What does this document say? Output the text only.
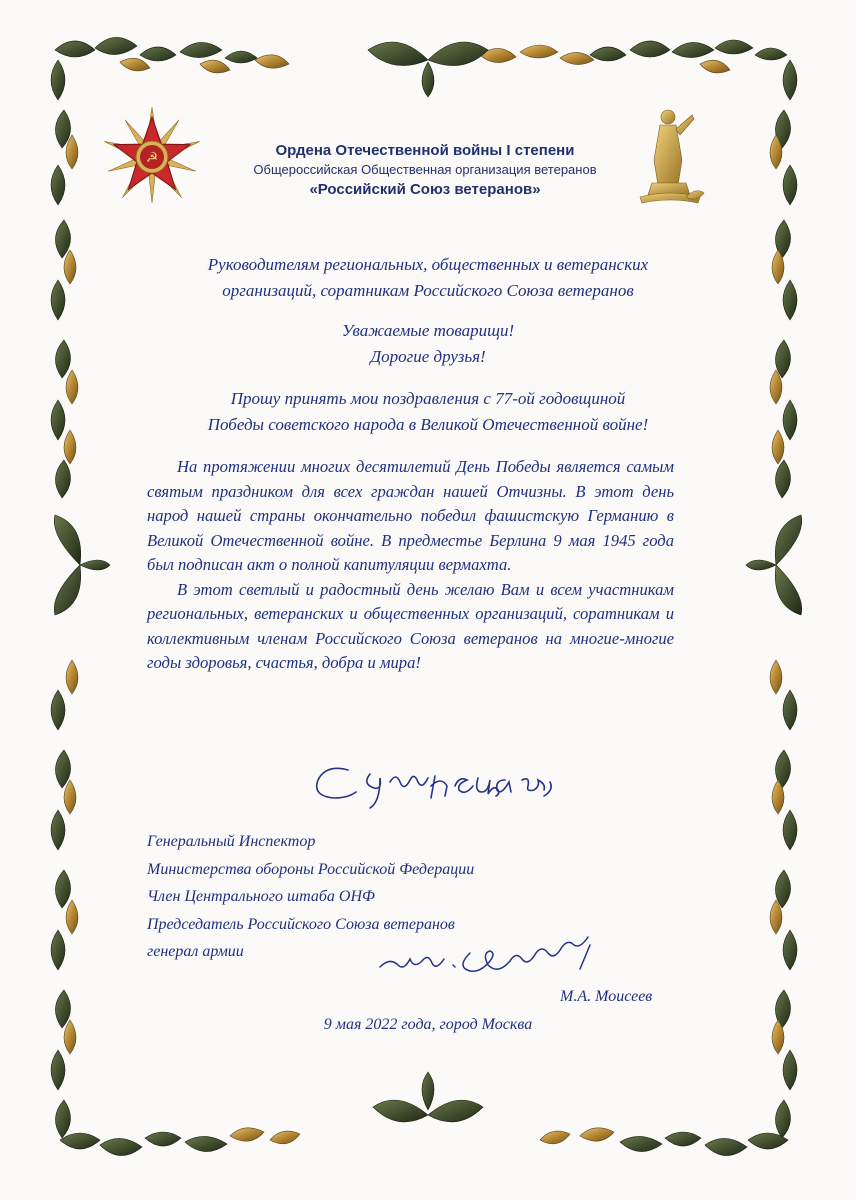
☭	Ордена Отечественной войны I степени
Общероссийская Общественная организация ветеранов
«Российский Союз ветеранов»
Руководителям региональных, общественных и ветеранских
организаций, соратникам Российского Союза ветеранов
Уважаемые товарищи!
Дорогие друзья!
Прошу принять мои поздравления с 77-ой годовщиной
Победы советского народа в Великой Отечественной войне!

На протяжении многих десятилетий День Победы является самым святым праздником для всех граждан нашей Отчизны. В этот день народ нашей страны окончательно победил фашистскую Германию в Великой Отечественной войне. В предместье Берлина 9 мая 1945 года был подписан акт о полной капитуляции вермахта.

В этот светлый и радостный день желаю Вам и всем участникам региональных, ветеранских и общественных организаций, соратникам и коллективным членам Российского Союза ветеранов на многие-многие годы здоровья, счастья, добра и мира!

Генеральный Инспектор
Министерства обороны Российской Федерации
Член Центрального штаба ОНФ
Председатель Российского Союза ветеранов
генерал армии
М.А. Моисеев
9 мая 2022 года, город Москва
